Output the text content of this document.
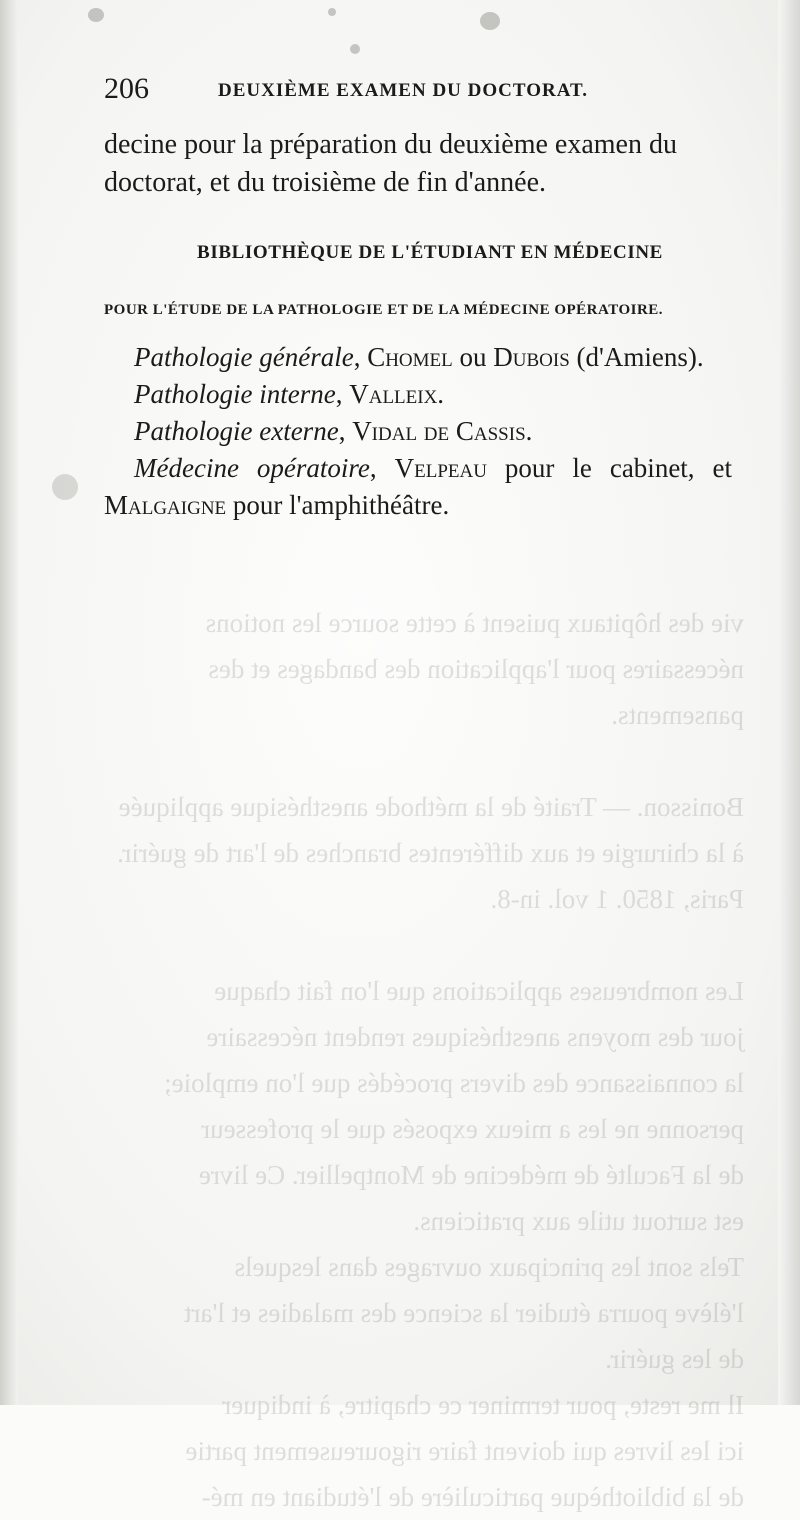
vie des hôpitaux puisent à cette source les notions

nécessaires pour l'application des bandages et des

pansements.

Bonisson. — Traité de la méthode anesthésique appliquée

à la chirurgie et aux différentes branches de l'art de guérir.

Paris, 1850. 1 vol. in-8.

Les nombreuses applications que l'on fait chaque

jour des moyens anesthésiques rendent nécessaire

la connaissance des divers procédés que l'on emploie;

personne ne les a mieux exposés que le professeur

de la Faculté de médecine de Montpellier. Ce livre

est surtout utile aux praticiens.

Tels sont les principaux ouvrages dans lesquels

l'élève pourra étudier la science des maladies et l'art

de les guérir.

Il me reste, pour terminer ce chapitre, à indiquer

ici les livres qui doivent faire rigoureusement partie

de la bibliothèque particulière de l'étudiant en mé-

206	DEUXIÈME EXAMEN DU DOCTORAT.
decine pour la préparation du deuxième examen du
doctorat, et du troisième de fin d'année.
BIBLIOTHÈQUE DE L'ÉTUDIANT EN MÉDECINE
POUR L'ÉTUDE DE LA PATHOLOGIE ET DE LA MÉDECINE OPÉRATOIRE.
Pathologie générale, Chomel ou Dubois (d'Amiens).
Pathologie interne, Valleix.
Pathologie externe, Vidal de Cassis.
Médecine opératoire, Velpeau pour le cabinet, et
Malgaigne pour l'amphithéâtre.
